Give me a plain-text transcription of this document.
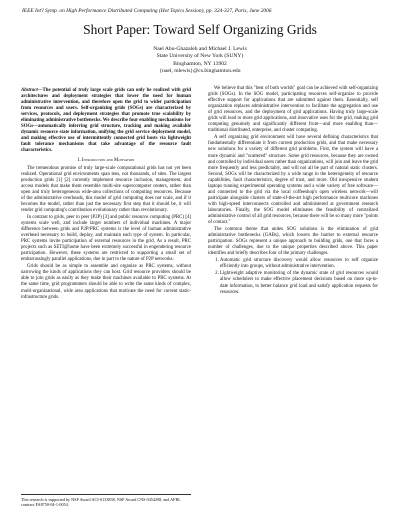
IEEE Int'l Symp. on High Performance Distributed Computing (Hot Topics Session), pp. 324-327, Paris, June 2006
Short Paper: Toward Self Organizing Grids
Nael Abu-Ghazaleh and Michael J. Lewis
State University of New York (SUNY)
Binghamton, NY 13902
{nael, mlewis}@cs.binghamton.edu
Abstract—The potential of truly large scale grids can only be realized with grid architectures and deployment strategies that lower the need for human administrative intervention, and therefore open the grid to wider participation from resources and users. Self-organizing grids (SOGs) are characterized by services, protocols, and deployment strategies that promote true scalability by eliminating administrative bottlenecks. We describe four enabling mechanisms for SOGs—automatically inferring grid structure, tracking and making available dynamic resource state information, unifying the grid service deployment model, and making effective use of intermittently connected grid hosts via lightweight fault tolerance mechanisms that take advantage of the resource fault characteristics.
I. Introduction and Motivation

The tremendous promise of truly large-scale computational grids has not yet been realized. Operational grid environments span tens, not thousands, of sites. The largest production grids [1] [2] currently implement resource inclusion, management, and access models that make them resemble multi-site supercomputer centers, rather than open and truly heterogeneous wide-area collections of computing resources. Because of the administrative overheads, this model of grid computing does not scale, and if it becomes the model, rather than just the necessary first step that it should be, it will render grid computing's contribution evolutionary rather than revolutionary.

In contrast to grids, peer to peer (P2P) [3] and public resource computing (PRC) [4] systems scale well, and include larger numbers of individual machines. A major difference between grids and P2P/PRC systems is the level of human administrative overhead necessary to build, deploy, and maintain each type of system. In particular, PRC systems invite participation of external resources in the grid. As a result, PRC projects such as SETI@home have been extremely successful in engendering resource participation. However, these systems are restricted to supporting a small set of embarrassingly parallel applications, due in part to the nature of P2P networks.

Grids should be as simple to assemble and organize as PRC systems, without narrowing the kinds of applications they can host. Grid resource providers should be able to join grids as easily as they make their machines available to PRC systems. At the same time, grid programmers should be able to write the same kinds of complex, multi-organizational, wide area applications that motivate the need for current static-infrastructure grids.

This research is supported by NSF Award ACI-0133838, NSF Award CNS 0454298, and AFRL contract FA8750-04-1-0054.

We believe that this "best of both worlds" goal can be achieved with self-organizing grids (SOGs). In the SOG model, participating resources self-organize to provide effective support for applications that are submitted against them. Essentially, self organization replaces administrative intervention to facilitate the aggregation and use of grid resources, and the deployment of grid applications. Having truly large-scale grids will lead to more grid applications, and innovative uses for the grid, making grid computing genuinely and significantly different from—and more enabling than—traditional distributed, enterprise, and cluster computing.

A self organizing grid environment will have several defining characteristics that fundamentally differentiate it from current production grids, and that make necessary new solutions for a variety of different grid problems. First, the system will have a more dynamic and "scattered" structure. Some grid resources, because they are owned and controlled by individual users rather than organizations, will join and leave the grid more frequently and less predictably, and will not all be part of natural static clusters. Second, SOGs will be characterized by a wide range in the heterogeneity of resource capabilities, fault characteristics, degree of trust, and more. Old inexpensive student laptops running experimental operating systems and a wide variety of free software—and connected to the grid via the local coffeeshop's open wireless network—will participate alongside clusters of state-of-the-art high performance multicore machines with high-speed interconnects controlled and administered at government research laboratories. Finally, the SOG model eliminates the feasibility of centralized administrative control of all grid resources, because there will be so many more "points of contact."

The common theme that unites SOG solutions is the elimination of grid administrative bottlenecks (GABs), which lowers the barrier to external resource participation. SOGs represent a unique approach to building grids, one that faces a number of challenges, due to the unique properties described above. This paper identifies and briefly describes four of the primary challenges.

1. Automatic grid structure discovery would allow resources to self organize efficiently into groups, without administrative intervention.
2. Lightweight adaptive monitoring of the dynamic state of grid resources would allow schedulers to make effective placement decisions based on more up-to-date information, to better balance grid load and satisfy application requests for resources.
